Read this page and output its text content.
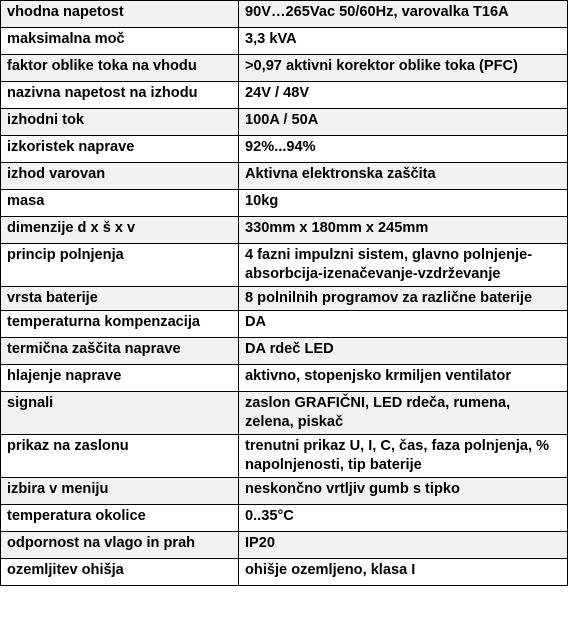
vhodna napetost	90V…265Vac 50/60Hz, varovalka T16A
maksimalna moč	3,3 kVA
faktor oblike toka na vhodu	>0,97 aktivni korektor oblike toka (PFC)
nazivna napetost na izhodu	24V / 48V
izhodni tok	100A / 50A
izkoristek naprave	92%...94%
izhod varovan	Aktivna elektronska zaščita
masa	10kg
dimenzije d x š x v	330mm x 180mm x 245mm
princip polnjenja	4 fazni impulzni sistem, glavno polnjenje-absorbcija-izenačevanje-vzdrževanje
vrsta baterije	8 polnilnih programov za različne baterije
temperaturna kompenzacija	DA
termična zaščita naprave	DA rdeč LED
hlajenje naprave	aktivno, stopenjsko krmiljen ventilator
signali	zaslon GRAFIČNI, LED rdeča, rumena, zelena, piskač
prikaz na zaslonu	trenutni prikaz U, I, C, čas, faza polnjenja, % napolnjenosti, tip baterije
izbira v meniju	neskončno vrtljiv gumb s tipko
temperatura okolice	0..35°C
odpornost na vlago in prah	IP20
ozemljitev ohišja	ohišje ozemljeno, klasa I
